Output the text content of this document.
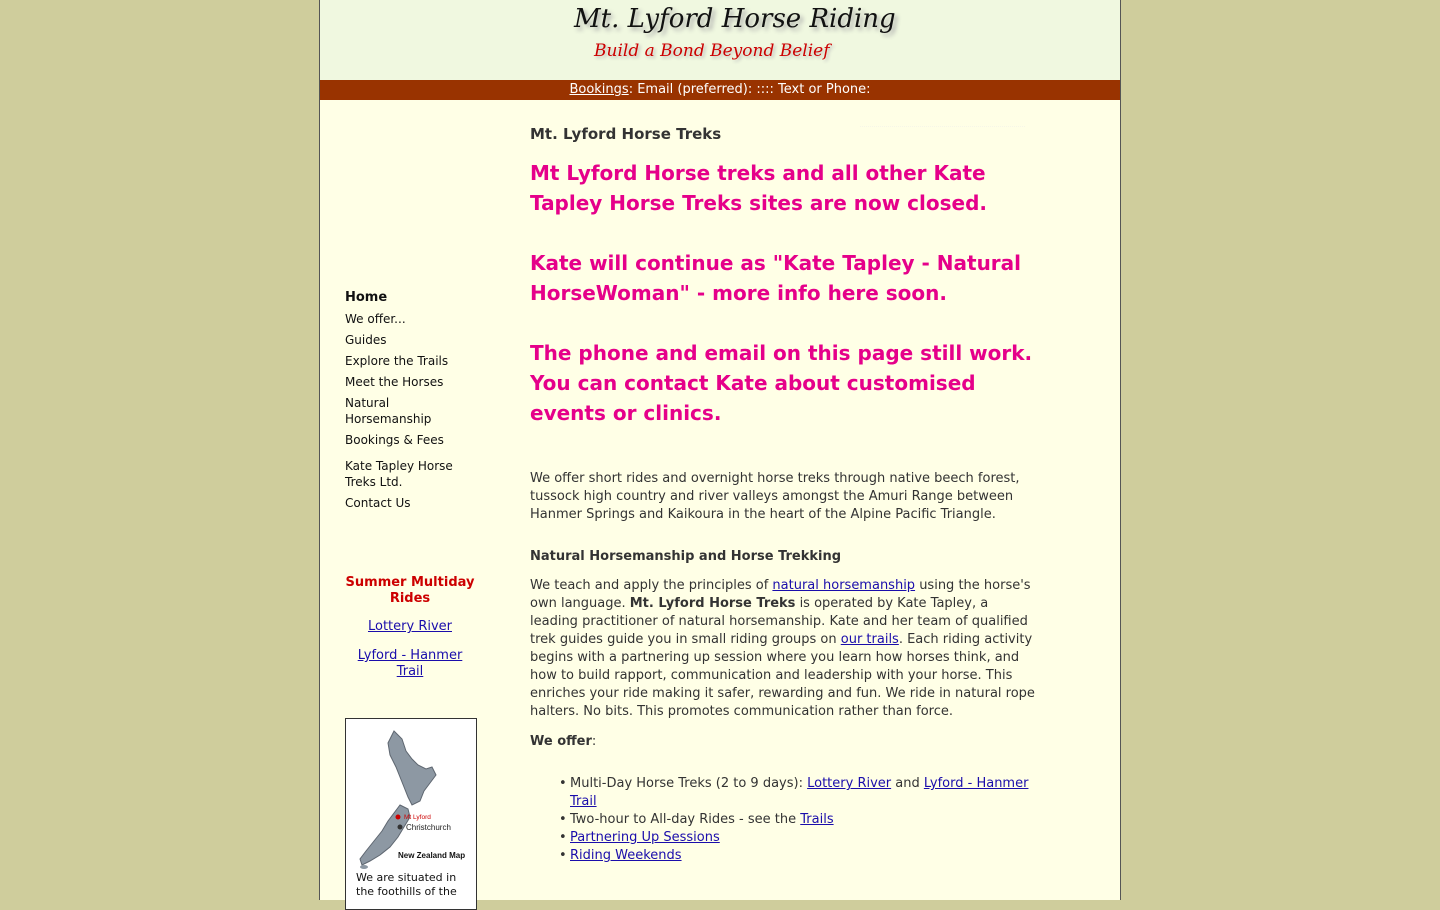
Mt. Lyford Horse Riding
Build a Bond Beyond Belief
Bookings: Email (preferred): :::: Text or Phone:
Home
We offer...
Guides
Explore the Trails
Meet the Horses
Natural Horsemanship
Bookings & Fees
Kate Tapley Horse Treks Ltd.
Contact Us
Summer Multiday Rides
Lottery River
Lyford - Hanmer Trail
Mt Lyford
Christchurch
New Zealand Map
We are situated in the foothills of the
Mt. Lyford Horse Treks

Mt Lyford Horse treks and all other Kate Tapley Horse Treks sites are now closed.

Kate will continue as "Kate Tapley - Natural HorseWoman" - more info here soon.

The phone and email on this page still work. You can contact Kate about customised events or clinics.

We offer short rides and overnight horse treks through native beech forest, tussock high country and river valleys amongst the Amuri Range between Hanmer Springs and Kaikoura in the heart of the Alpine Pacific Triangle.

Natural Horsemanship and Horse Trekking

We teach and apply the principles of natural horsemanship using the horse's own language. Mt. Lyford Horse Treks is operated by Kate Tapley, a leading practitioner of natural horsemanship. Kate and her team of qualified trek guides guide you in small riding groups on our trails. Each riding activity begins with a partnering up session where you learn how horses think, and how to build rapport, communication and leadership with your horse. This enriches your ride making it safer, rewarding and fun. We ride in natural rope halters. No bits. This promotes communication rather than force.

We offer:
• Multi-Day Horse Treks (2 to 9 days): Lottery River and Lyford - Hanmer Trail
• Two-hour to All-day Rides - see the Trails
• Partnering Up Sessions
• Riding Weekends
